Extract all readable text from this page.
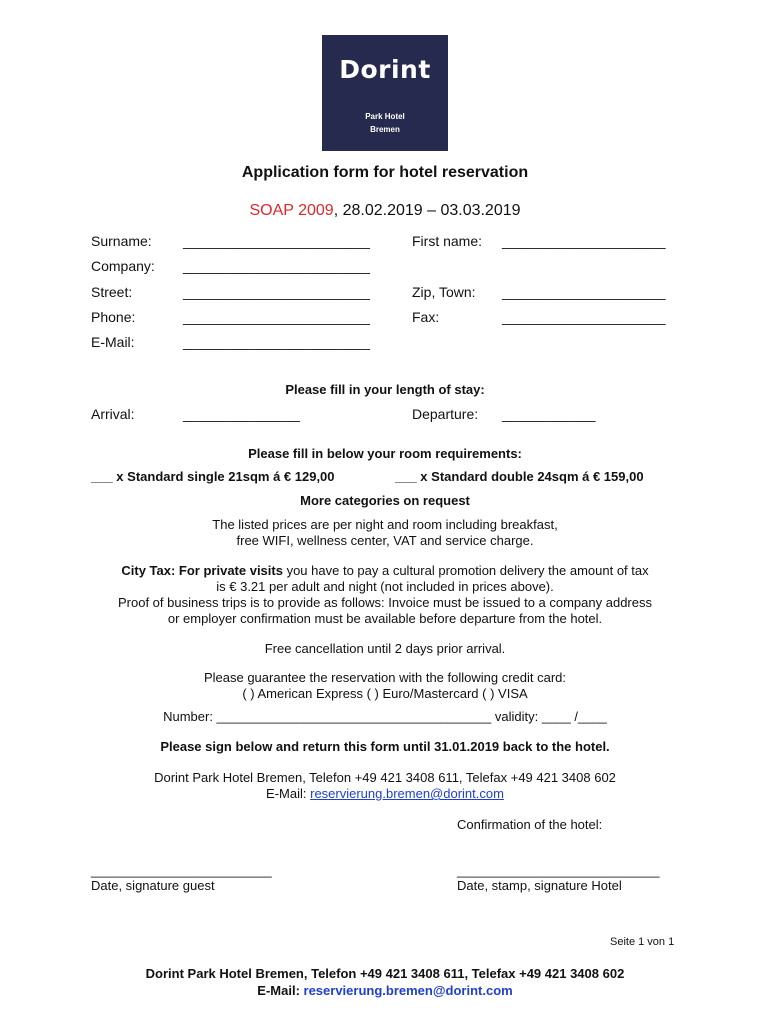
Dorint
Park Hotel
Bremen
Application form for hotel reservation
SOAP 2009, 28.02.2019 – 03.03.2019
Surname: ________________________	First name: _____________________
Company: ________________________
Street:	________________________	Zip, Town: _____________________
Phone:	________________________	Fax:	_____________________
E-Mail:	________________________
Please fill in your length of stay:
Arrival:	_______________	Departure: ____________
Please fill in below your room requirements:
___ x Standard single 21sqm á € 129,00	___ x Standard double 24sqm á € 159,00
More categories on request
The listed prices are per night and room including breakfast,
free WIFI, wellness center, VAT and service charge.
City Tax: For private visits you have to pay a cultural promotion delivery the amount of tax
is € 3.21 per adult and night (not included in prices above).
Proof of business trips is to provide as follows: Invoice must be issued to a company address
or employer confirmation must be available before departure from the hotel.
Free cancellation until 2 days prior arrival.
Please guarantee the reservation with the following credit card:
( ) American Express ( ) Euro/Mastercard ( ) VISA
Number: ______________________________________ validity: ____ /____
Please sign below and return this form until 31.01.2019 back to the hotel.
Dorint Park Hotel Bremen, Telefon +49 421 3408 611, Telefax +49 421 3408 602
E-Mail: reservierung.bremen@dorint.com
Confirmation of the hotel:
_________________________
Date, signature guest
____________________________
Date, stamp, signature Hotel
Seite 1 von 1
Dorint Park Hotel Bremen, Telefon +49 421 3408 611, Telefax +49 421 3408 602
E-Mail: reservierung.bremen@dorint.com
